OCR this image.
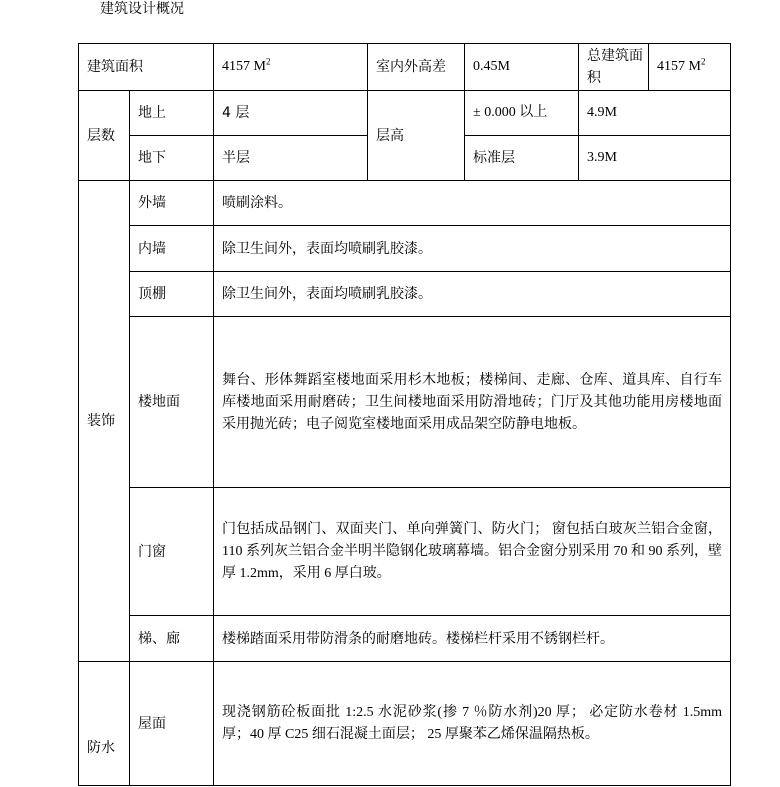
建筑设计概况
建筑面积		4157 $M^2$	室内外高差	0.45M	总建筑面积	4157 $M^2$
层数	地上	4 层	层高	± 0.000 以上	4.9M	
	地下	半层		标准层	3.9M	
装饰	外墙	喷刷涂料。				
	内墙	除卫生间外，表面均喷刷乳胶漆。				
	顶棚	除卫生间外，表面均喷刷乳胶漆。				
	楼地面	舞台、形体舞蹈室楼地面采用杉木地板；楼梯间、走廊、仓库、道具库、自行车库楼地面采用耐磨砖；卫生间楼地面采用防滑地砖；门厅及其他功能用房楼地面采用抛光砖；电子阅览室楼地面采用成品架空防静电地板。				
	门窗	门包括成品钢门、双面夹门、单向弹簧门、防火门； 窗包括白玻灰兰铝合金窗，110 系列灰兰铝合金半明半隐钢化玻璃幕墙。铝合金窗分别采用 70 和 90 系列，壁厚 1.2mm，采用 6 厚白玻。				
	梯、廊	楼梯踏面采用带防滑条的耐磨地砖。楼梯栏杆采用不锈钢栏杆。				
防水	屋面	现浇钢筋砼板面批 1:2.5 水泥砂浆(掺 7 ％防水剂)20 厚； 必定防水卷材 1.5mm 厚；40 厚 C25 细石混凝土面层； 25 厚聚苯乙烯保温隔热板。				
